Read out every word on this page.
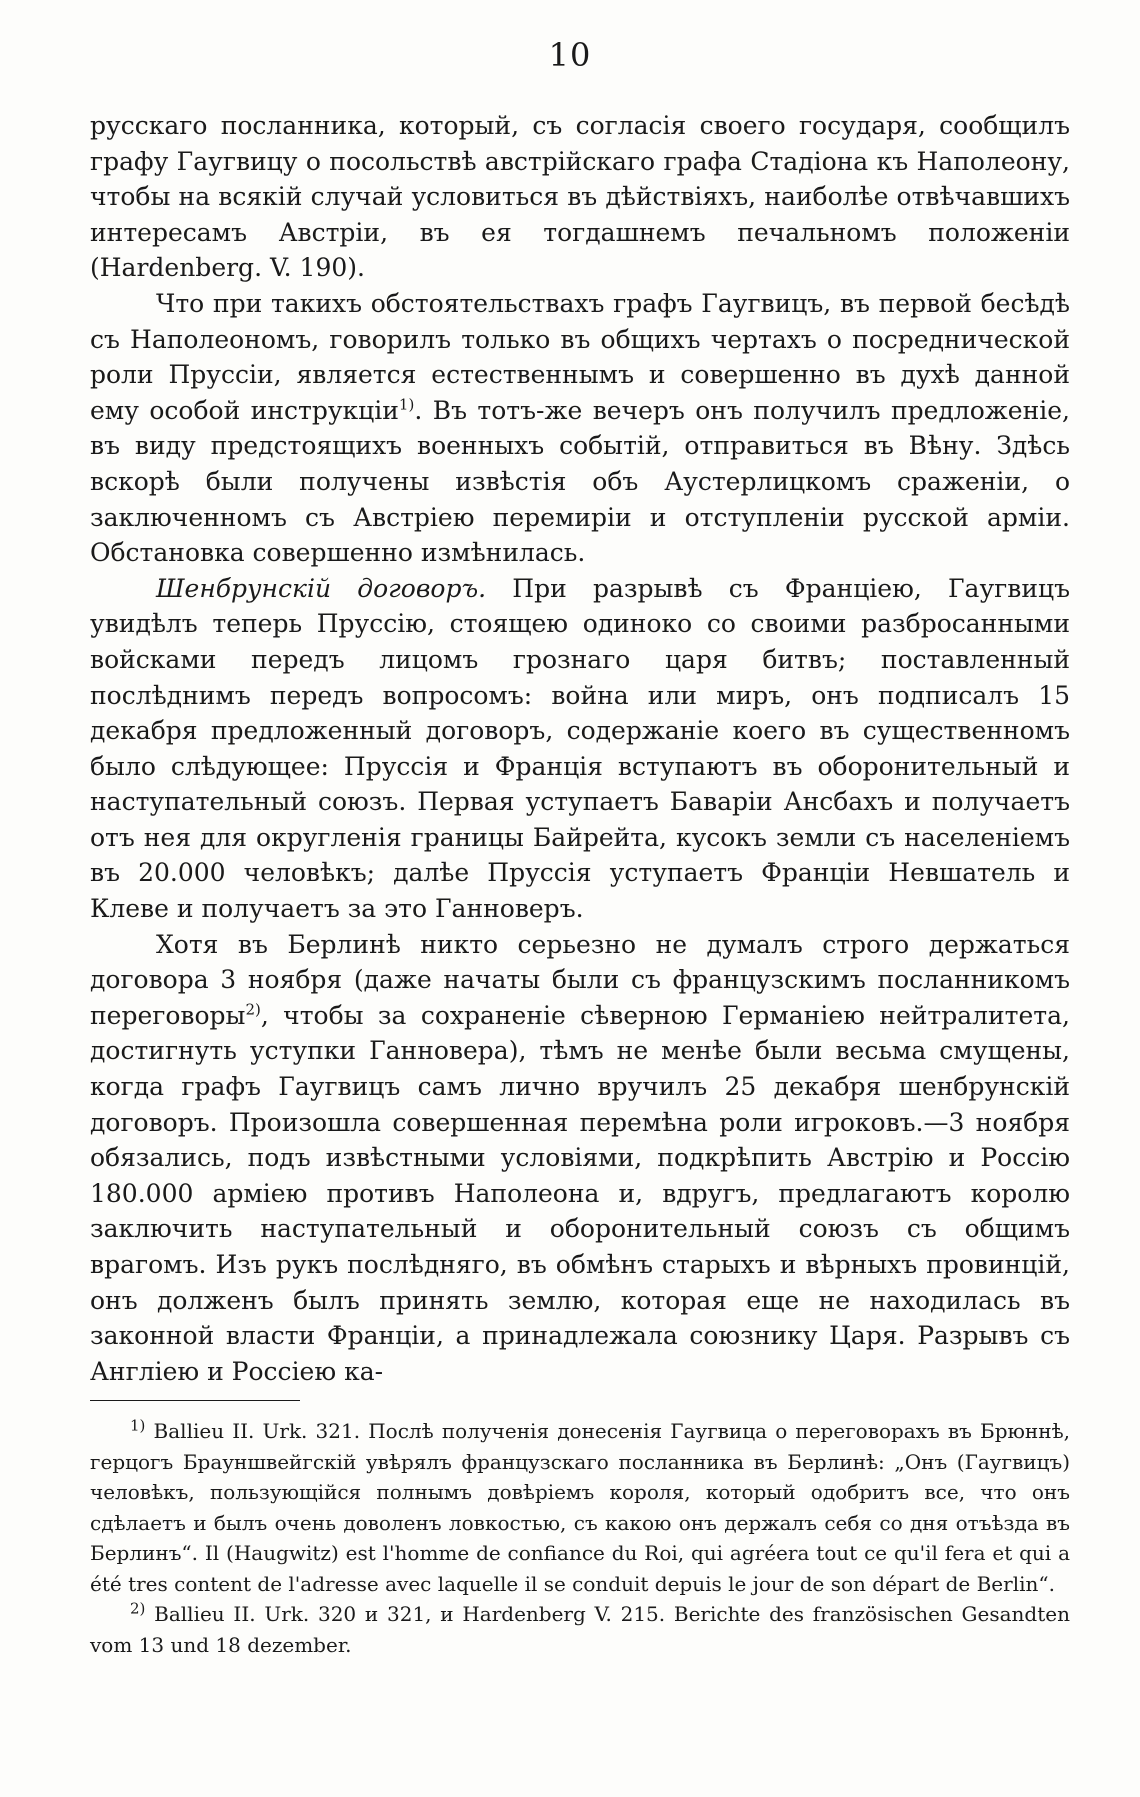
10

русскаго посланника, который, съ согласія своего государя, сообщилъ графу Гаугвицу о посольствѣ австрійскаго графа Стадіона къ Наполеону, чтобы на всякій случай условиться въ дѣйствіяхъ, наиболѣе отвѣчавшихъ интересамъ Австріи, въ ея тогдашнемъ печальномъ положеніи (Hardenberg. V. 190).

Что при такихъ обстоятельствахъ графъ Гаугвицъ, въ первой бесѣдѣ съ Наполеономъ, говорилъ только въ общихъ чертахъ о посреднической роли Пруссіи, является естественнымъ и совершенно въ духѣ данной ему особой инструкціи$^{1)}$. Въ тотъ-же вечеръ онъ получилъ предложеніе, въ виду предстоящихъ военныхъ событій, отправиться въ Вѣну. Здѣсь вскорѣ были получены извѣстія объ Аустерлицкомъ сраженіи, о заключенномъ съ Австріею перемиріи и отступленіи русской арміи. Обстановка совершенно измѣнилась.

Шенбрунскій договоръ. При разрывѣ съ Франціею, Гаугвицъ увидѣлъ теперь Пруссію, стоящею одиноко со своими разбросанными войсками передъ лицомъ грознаго царя битвъ; поставленный послѣднимъ передъ вопросомъ: война или миръ, онъ подписалъ 15 декабря предложенный договоръ, содержаніе коего въ существенномъ было слѣдующее: Пруссія и Франція вступаютъ въ оборонительный и наступательный союзъ. Первая уступаетъ Баваріи Ансбахъ и получаетъ отъ нея для округленія границы Байрейта, кусокъ земли съ населеніемъ въ 20.000 человѣкъ; далѣе Пруссія уступаетъ Франціи Невшатель и Клеве и получаетъ за это Ганноверъ.

Хотя въ Берлинѣ никто серьезно не думалъ строго держаться договора 3 ноября (даже начаты были съ французскимъ посланникомъ переговоры$^{2)}$, чтобы за сохраненіе сѣверною Германіею нейтралитета, достигнуть уступки Ганновера), тѣмъ не менѣе были весьма смущены, когда графъ Гаугвицъ самъ лично вручилъ 25 декабря шенбрунскій договоръ. Произошла совершенная перемѣна роли игроковъ.—3 ноября обязались, подъ извѣстными условіями, подкрѣпить Австрію и Россію 180.000 арміею противъ Наполеона и, вдругъ, предлагаютъ королю заключить наступательный и оборонительный союзъ съ общимъ врагомъ. Изъ рукъ послѣдняго, въ обмѣнъ старыхъ и вѣрныхъ провинцій, онъ долженъ былъ принять землю, которая еще не находилась въ законной власти Франціи, а принадлежала союзнику Царя. Разрывъ съ Англіею и Россіею ка-

$^{1)}$ Ballieu II. Urk. 321. Послѣ полученія донесенія Гаугвица о переговорахъ въ Брюннѣ, герцогъ Брауншвейгскій увѣрялъ французскаго посланника въ Берлинѣ: „Онъ (Гаугвицъ) человѣкъ, пользующійся полнымъ довѣріемъ короля, который одобритъ все, что онъ сдѣлаетъ и былъ очень доволенъ ловкостью, съ какою онъ держалъ себя со дня отъѣзда въ Берлинъ“. Il (Haugwitz) est l'homme de confiance du Roi, qui agréera tout ce qu'il fera et qui a été tres content de l'adresse avec laquelle il se conduit depuis le jour de son départ de Berlin“.

$^{2)}$ Ballieu II. Urk. 320 и 321, и Hardenberg V. 215. Berichte des französischen Gesandten vom 13 und 18 dezember.
